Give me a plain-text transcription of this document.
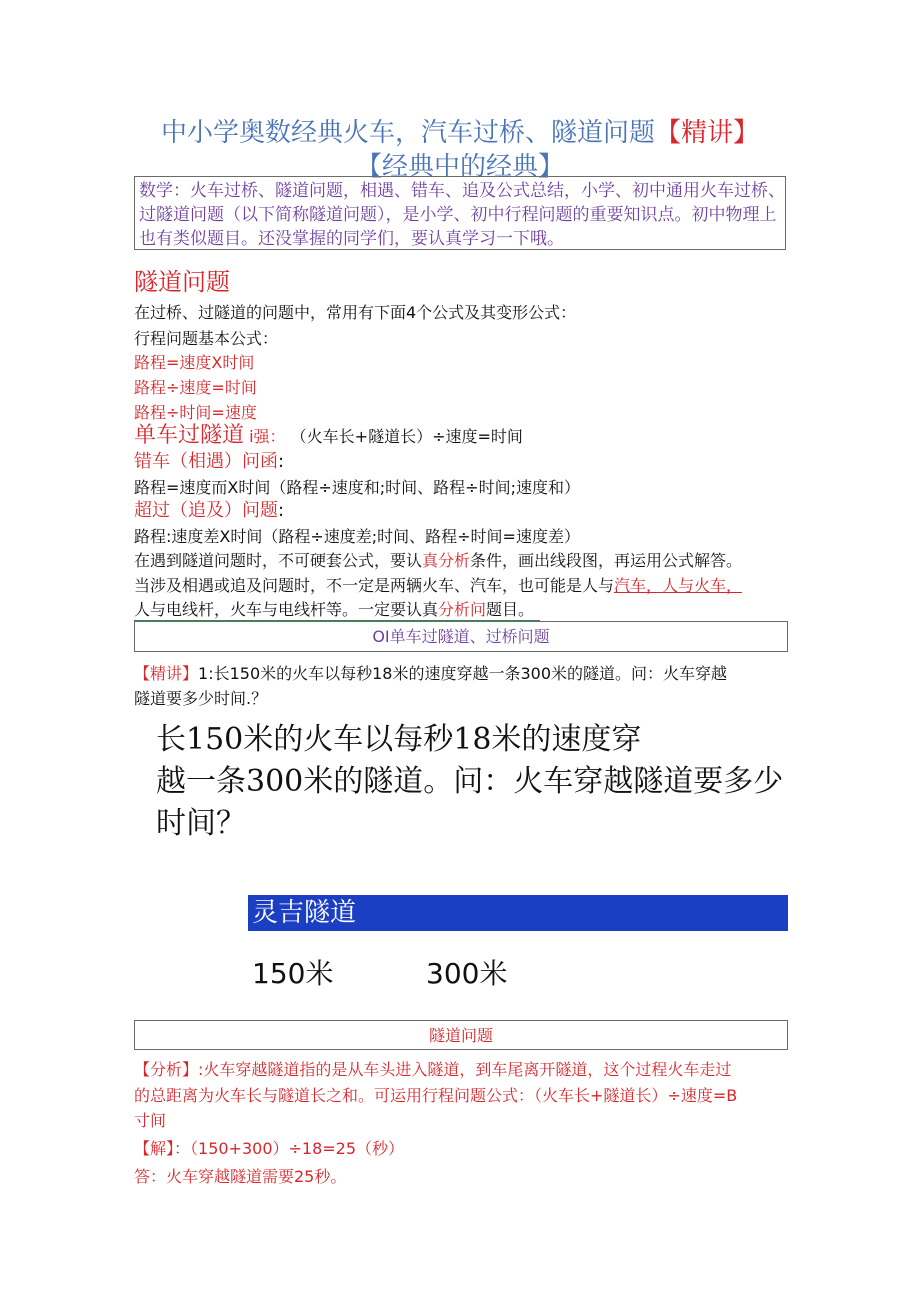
中小学奥数经典火车，汽车过桥、隧道问题【精讲】
【经典中的经典】
数学：火车过桥、隧道问题，相遇、错车、追及公式总结，小学、初中通用火车过桥、
过隧道问题（以下简称隧道问题），是小学、初中行程问题的重要知识点。初中物理上
也有类似题目。还没掌握的同学们，要认真学习一下哦。
隧道问题
在过桥、过隧道的问题中，常用有下面4个公式及其变形公式：
行程问题基本公式：
路程=速度X时间
路程÷速度=时间
路程÷时间=速度
单车过隧道 i强： （火车长+隧道长）÷速度=时间
错车（相遇）问函:
路程=速度而X时间（路程÷速度和;时间、路程÷时间;速度和）
超过（追及）问题:
路程:速度差X时间（路程÷速度差;时间、路程÷时间=速度差）
在遇到隧道问题时，不可硬套公式，要认真分析条件，画出线段图，再运用公式解答。
当涉及相遇或追及问题时，不一定是两辆火车、汽车，也可能是人与汽车，人与火车，
人与电线杆，火车与电线杆等。一定要认真分析问题目。
OI单车过隧道、过桥问题
【精讲】1:长150米的火车以每秒18米的速度穿越一条300米的隧道。问：火车穿越
隧道要多少时间.？
长150米的火车以每秒18米的速度穿
越一条300米的隧道。问：火车穿越隧道要多少
时间？
灵吉隧道
150米	300米
隧道问题
【分析】:火车穿越隧道指的是从车头进入隧道，到车尾离开隧道，这个过程火车走过
的总距离为火车长与隧道长之和。可运用行程问题公式：（火车长+隧道长）÷速度=B
寸间
【解】：（150+300）÷18=25（秒）
答：火车穿越隧道需要25秒。
